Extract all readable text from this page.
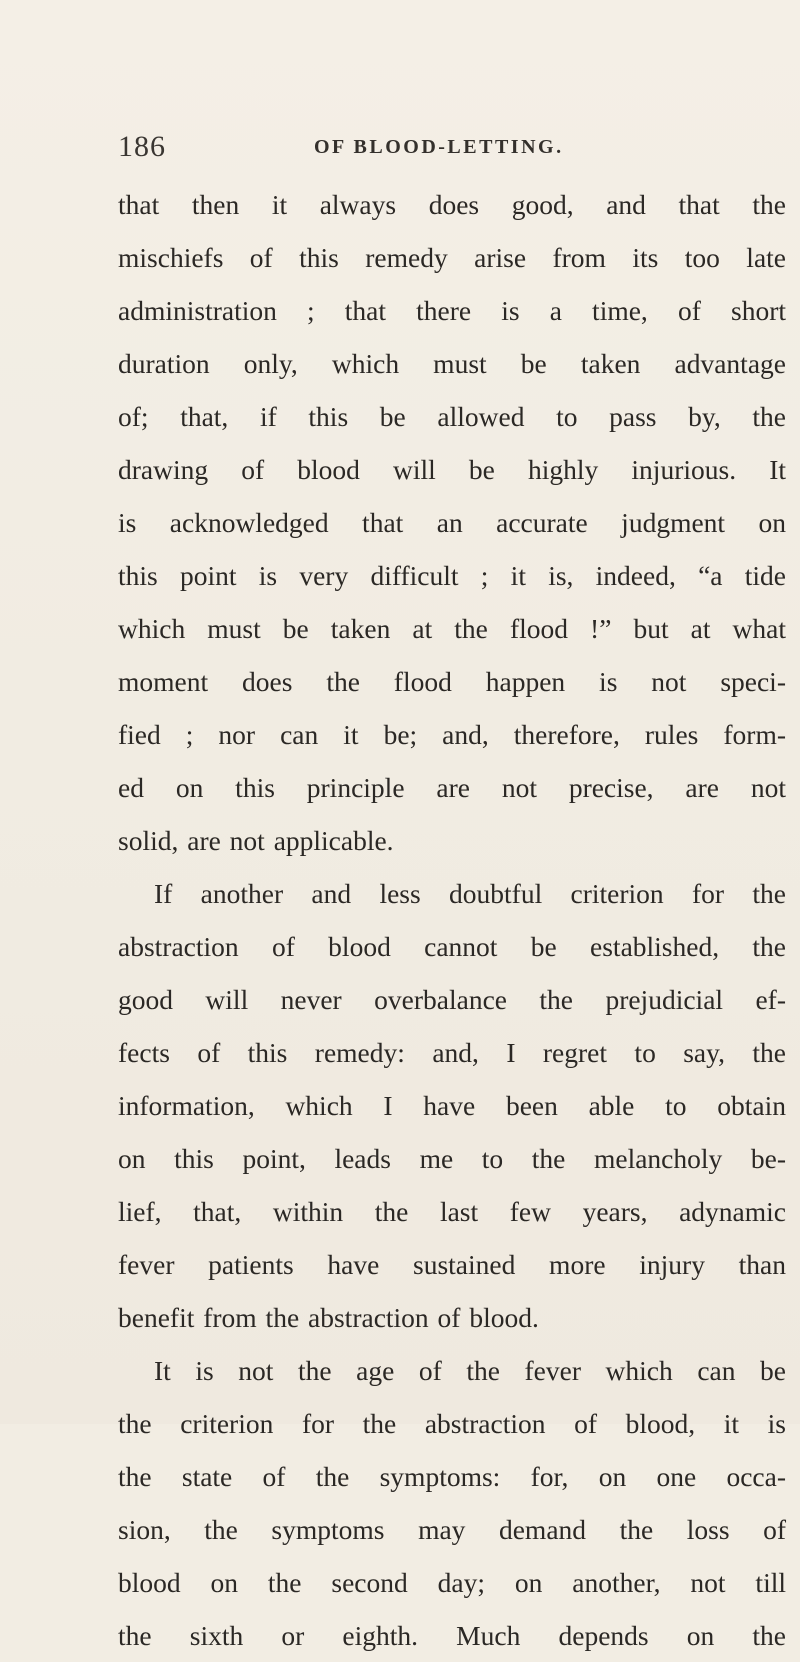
186	OF BLOOD-LETTING.
that then it always does good, and that the
mischiefs of this remedy arise from its too late
administration ; that there is a time, of short
duration only, which must be taken advantage
of; that, if this be allowed to pass by, the
drawing of blood will be highly injurious. It
is acknowledged that an accurate judgment on
this point is very difficult ; it is, indeed, “a tide
which must be taken at the flood !” but at what
moment does the flood happen is not speci-
fied ; nor can it be; and, therefore, rules form-
ed on this principle are not precise, are not
solid, are not applicable.
If another and less doubtful criterion for the
abstraction of blood cannot be established, the
good will never overbalance the prejudicial ef-
fects of this remedy: and, I regret to say, the
information, which I have been able to obtain
on this point, leads me to the melancholy be-
lief, that, within the last few years, adynamic
fever patients have sustained more injury than
benefit from the abstraction of blood.
It is not the age of the fever which can be
the criterion for the abstraction of blood, it is
the state of the symptoms: for, on one occa-
sion, the symptoms may demand the loss of
blood on the second day; on another, not till
the sixth or eighth. Much depends on the
